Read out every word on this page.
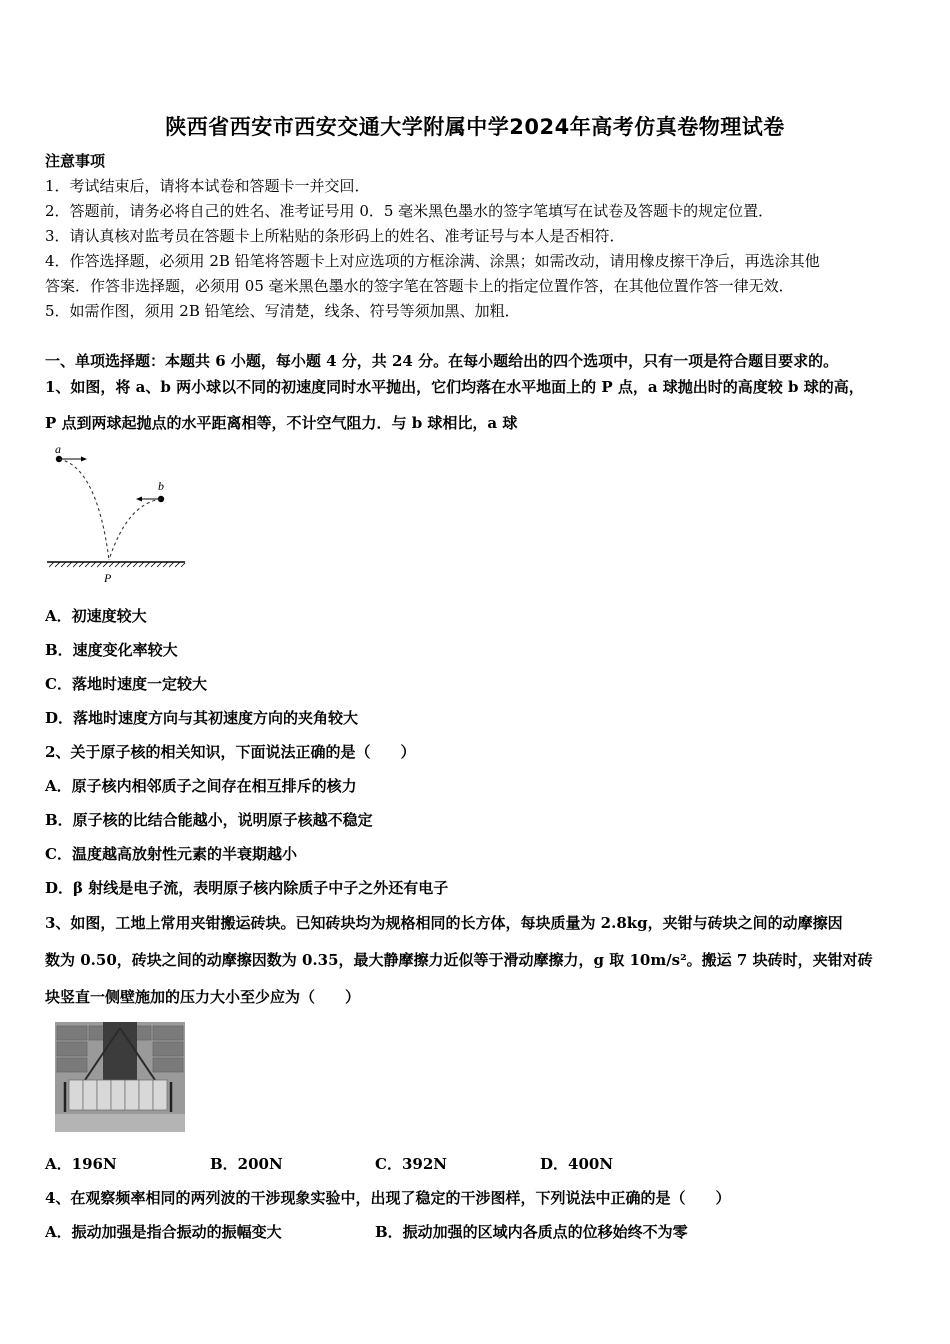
陕西省西安市西安交通大学附属中学2024年高考仿真卷物理试卷
注意事项
1．考试结束后，请将本试卷和答题卡一并交回．
2．答题前，请务必将自己的姓名、准考证号用 0．5 毫米黑色墨水的签字笔填写在试卷及答题卡的规定位置．
3．请认真核对监考员在答题卡上所粘贴的条形码上的姓名、准考证号与本人是否相符．
4．作答选择题，必须用 2B 铅笔将答题卡上对应选项的方框涂满、涂黑；如需改动，请用橡皮擦干净后，再选涂其他
答案．作答非选择题，必须用 05 毫米黑色墨水的签字笔在答题卡上的指定位置作答，在其他位置作答一律无效．
5．如需作图，须用 2B 铅笔绘、写清楚，线条、符号等须加黑、加粗．
一、单项选择题：本题共 6 小题，每小题 4 分，共 24 分。在每小题给出的四个选项中，只有一项是符合题目要求的。
1、如图，将 a、b 两小球以不同的初速度同时水平抛出，它们均落在水平地面上的 P 点，a 球抛出时的高度较 b 球的高，
P 点到两球起抛点的水平距离相等，不计空气阻力．与 b 球相比，a 球
a
b
P
A．初速度较大
B．速度变化率较大
C．落地时速度一定较大
D．落地时速度方向与其初速度方向的夹角较大
2、关于原子核的相关知识，下面说法正确的是（　　）
A．原子核内相邻质子之间存在相互排斥的核力
B．原子核的比结合能越小，说明原子核越不稳定
C．温度越高放射性元素的半衰期越小
D．β 射线是电子流，表明原子核内除质子中子之外还有电子
3、如图，工地上常用夹钳搬运砖块。已知砖块均为规格相同的长方体，每块质量为 2.8kg，夹钳与砖块之间的动摩擦因
数为 0.50，砖块之间的动摩擦因数为 0.35，最大静摩擦力近似等于滑动摩擦力，g 取 10m/s²。搬运 7 块砖时，夹钳对砖
块竖直一侧壁施加的压力大小至少应为（　　）
A．196N	B．200N	C．392N	D．400N
4、在观察频率相同的两列波的干涉现象实验中，出现了稳定的干涉图样，下列说法中正确的是（　　）
A．振动加强是指合振动的振幅变大	B．振动加强的区域内各质点的位移始终不为零
